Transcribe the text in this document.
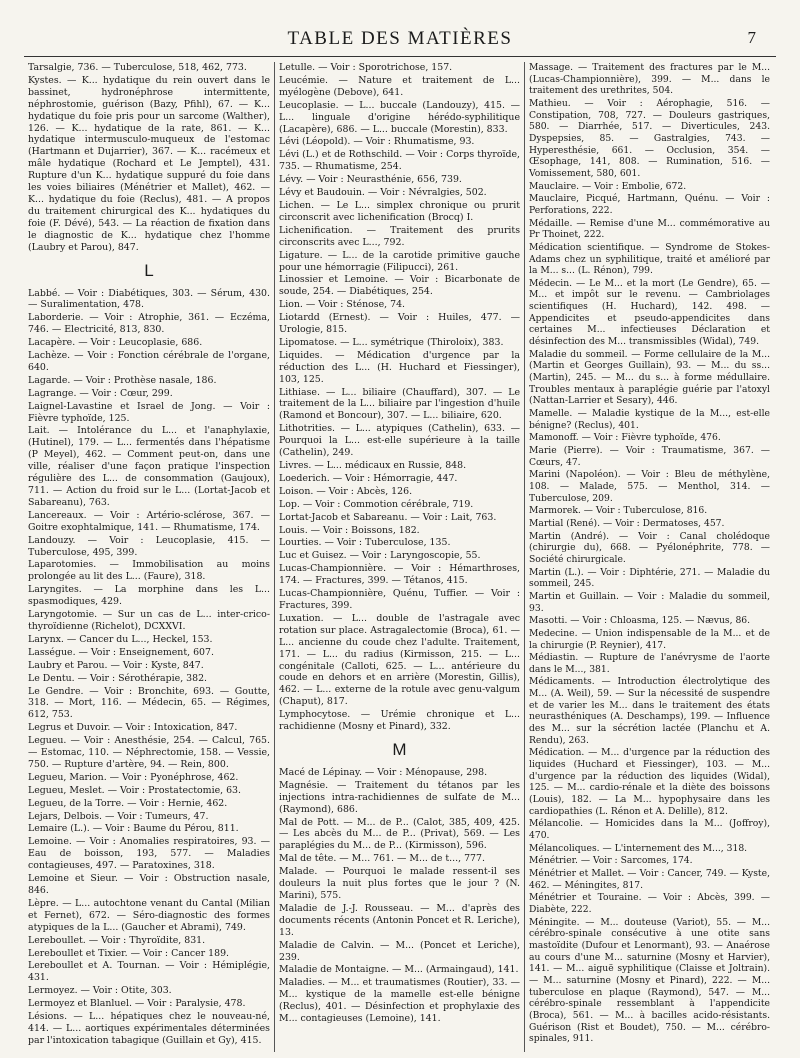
TABLE DES MATIÈRES	7
Tarsalgie, 736. — Tuberculose, 518, 462, 773.
Kystes. — K... hydatique du rein ouvert dans le bassinet, hydronéphrose intermittente, néphrostomie, guérison (Bazy, Pfihl), 67. — K... hydatique du foie pris pour un sarcome (Walther), 126. — K... hydatique de la rate, 861. — K... hydatique intermusculo-muqueux de l'estomac (Hartmann et Dujarrier), 367. — K... racémeux et mâle hydatique (Rochard et Le Jemptel), 431. Rupture d'un K... hydatique suppuré du foie dans les voies biliaires (Ménétrier et Mallet), 462. — K... hydatique du foie (Reclus), 481. — A propos du traitement chirurgical des K... hydatiques du foie (F. Dévé), 543. — La réaction de fixation dans le diagnostic de K... hydatique chez l'homme (Laubry et Parou), 847.
L
Labbé. — Voir : Diabétiques, 303. — Sérum, 430. — Suralimentation, 478.
Laborderie. — Voir : Atrophie, 361. — Eczéma, 746. — Electricité, 813, 830.
Lacapère. — Voir : Leucoplasie, 686.
Lachèze. — Voir : Fonction cérébrale de l'organe, 640.
Lagarde. — Voir : Prothèse nasale, 186.
Lagrange. — Voir : Cœur, 299.
Laignel-Lavastine et Israel de Jong. — Voir : Fièvre typhoïde, 125.
Lait. — Intolérance du L... et l'anaphylaxie, (Hutinel), 179. — L... fermentés dans l'hépatisme (P Meyel), 462. — Comment peut-on, dans une ville, réaliser d'une façon pratique l'inspection régulière des L... de consommation (Gaujoux), 711. — Action du froid sur le L... (Lortat-Jacob et Sabareanu), 763.
Lancereaux. — Voir : Artério-sclérose, 367. — Goitre exophtalmique, 141. — Rhumatisme, 174.
Landouzy. — Voir : Leucoplasie, 415. — Tuberculose, 495, 399.
Laparotomies. — Immobilisation au moins prolongée au lit des L... (Faure), 318.
Laryngites. — La morphine dans les L... spasmodiques, 429.
Laryngotomie. — Sur un cas de L... inter-crico-thyroïdienne (Richelot), DCXXVI.
Larynx. — Cancer du L..., Heckel, 153.
Lasségue. — Voir : Enseignement, 607.
Laubry et Parou. — Voir : Kyste, 847.
Le Dentu. — Voir : Sérothérapie, 382.
Le Gendre. — Voir : Bronchite, 693. — Goutte, 318. — Mort, 116. — Médecin, 65. — Régimes, 612, 753.
Legrus et Duvoir. — Voir : Intoxication, 847.
Legueu. — Voir : Anesthésie, 254. — Calcul, 765. — Estomac, 110. — Néphrectomie, 158. — Vessie, 750. — Rupture d'artère, 94. — Rein, 800.
Legueu, Marion. — Voir : Pyonéphrose, 462.
Legueu, Meslet. — Voir : Prostatectomie, 63.
Legueu, de la Torre. — Voir : Hernie, 462.
Lejars, Delbois. — Voir : Tumeurs, 47.
Lemaire (L.). — Voir : Baume du Pérou, 811.
Lemoine. — Voir : Anomalies respiratoires, 93. — Eau de boisson, 193, 577. — Maladies contagieuses, 497. — Paratoxines, 318.
Lemoine et Sieur. — Voir : Obstruction nasale, 846.
Lèpre. — L... autochtone venant du Cantal (Milian et Fernet), 672. — Séro-diagnostic des formes atypiques de la L... (Gaucher et Abrami), 749.
Lereboullet. — Voir : Thyroïdite, 831.
Lereboullet et Tixier. — Voir : Cancer 189.
Lereboullet et A. Tournan. — Voir : Hémiplégie, 431.
Lermoyez. — Voir : Otite, 303.
Lermoyez et Blanluel. — Voir : Paralysie, 478.
Lésions. — L... hépatiques chez le nouveau-né, 414. — L... aortiques expérimentales déterminées par l'intoxication tabagique (Guillain et Gy), 415.
Letulle. — Voir : Sporotrichose, 157.
Leucémie. — Nature et traitement de L... myélogène (Debove), 641.
Leucoplasie. — L... buccale (Landouzy), 415. — L... linguale d'origine hérédo-syphilitique (Lacapère), 686. — L... buccale (Morestin), 833.
Lévi (Léopold). — Voir : Rhumatisme, 93.
Lévi (L.) et de Rothschild. — Voir : Corps thyroïde, 735. — Rhumatisme, 254.
Lévy. — Voir : Neurasthénie, 656, 739.
Lévy et Baudouin. — Voir : Névralgies, 502.
Lichen. — Le L... simplex chronique ou prurit circonscrit avec lichenification (Brocq) I.
Lichenification. — Traitement des prurits circonscrits avec L..., 792.
Ligature. — L... de la carotide primitive gauche pour une hémorragie (Filipucci), 261.
Linossier et Lemoine. — Voir : Bicarbonate de soude, 254. — Diabétiques, 254.
Lion. — Voir : Sténose, 74.
Liotardd (Ernest). — Voir : Huiles, 477. — Urologie, 815.
Lipomatose. — L... symétrique (Thiroloix), 383.
Liquides. — Médication d'urgence par la réduction des L... (H. Huchard et Fiessinger), 103, 125.
Lithiase. — L... biliaire (Chauffard), 307. — Le traitement de la L... biliaire par l'ingestion d'huile (Ramond et Boncour), 307. — L... biliaire, 620.
Lithotrities. — L... atypiques (Cathelin), 633. — Pourquoi la L... est-elle supérieure à la taille (Cathelin), 249.
Livres. — L... médicaux en Russie, 848.
Loederich. — Voir : Hémorragie, 447.
Loison. — Voir : Abcès, 126.
Lop. — Voir : Commotion cérébrale, 719.
Lortat-Jacob et Sabareanu. — Voir : Lait, 763.
Louis. — Voir : Boissons, 182.
Lourties. — Voir : Tuberculose, 135.
Luc et Guisez. — Voir : Laryngoscopie, 55.
Lucas-Championnière. — Voir : Hémarthroses, 174. — Fractures, 399. — Tétanos, 415.
Lucas-Championnière, Quénu, Tuffier. — Voir : Fractures, 399.
Luxation. — L... double de l'astragale avec rotation sur place. Astragalectomie (Broca), 61. — L... ancienne du coude chez l'adulte. Traitement, 171. — L... du radius (Kirmisson, 215. — L... congénitale (Calloti, 625. — L... antérieure du coude en dehors et en arrière (Morestin, Gillis), 462. — L... externe de la rotule avec genu-valgum (Chaput), 817.
Lymphocytose. — Urémie chronique et L... rachidienne (Mosny et Pinard), 332.
M
Macé de Lépinay. — Voir : Ménopause, 298.
Magnésie. — Traitement du tétanos par les injections intra-rachidiennes de sulfate de M... (Raymond), 686.
Mal de Pott. — M... de P... (Calot, 385, 409, 425. — Les abcès du M... de P... (Privat), 569. — Les paraplégies du M... de P... (Kirmisson), 596.
Mal de tête. — M... 761. — M... de t..., 777.
Malade. — Pourquoi le malade ressent-il ses douleurs la nuit plus fortes que le jour ? (N. Marini), 575.
Maladie de J.-J. Rousseau. — M... d'après des documents récents (Antonin Poncet et R. Leriche), 13.
Maladie de Calvin. — M... (Poncet et Leriche), 239.
Maladie de Montaigne. — M... (Armaingaud), 141.
Maladies. — M... et traumatismes (Routier), 33. — M... kystique de la mamelle est-elle bénigne (Reclus), 401. — Désinfection et prophylaxie des M... contagieuses (Lemoine), 141.
Massage. — Traitement des fractures par le M... (Lucas-Championnière), 399. — M... dans le traitement des urethrites, 504.
Mathieu. — Voir : Aérophagie, 516. — Constipation, 708, 727. — Douleurs gastriques, 580. — Diarrhée, 517. — Diverticules, 243. Dyspepsies, 85. — Gastralgies, 743. — Hyperesthésie, 661. — Occlusion, 354. — Œsophage, 141, 808. — Rumination, 516. — Vomissement, 580, 601.
Mauclaire. — Voir : Embolie, 672.
Mauclaire, Picqué, Hartmann, Quénu. — Voir : Perforations, 222.
Médaille. — Remise d'une M... commémorative au Pr Thoinet, 222.
Médication scientifique. — Syndrome de Stokes-Adams chez un syphilitique, traité et amélioré par la M... s... (L. Rénon), 799.
Médecin. — Le M... et la mort (Le Gendre), 65. — M... et impôt sur le revenu. — Cambriolages scientifiques (H. Huchard), 142. 498. — Appendicites et pseudo-appendicites dans certaines M... infectieuses Déclaration et désinfection des M... transmissibles (Widal), 749.
Maladie du sommeil. — Forme cellulaire de la M... (Martin et Georges Guillain), 93. — M... du ss... (Martin), 245. — M... du s... à forme médullaire. Troubles mentaux à paraplégie guérie par l'atoxyl (Nattan-Larrier et Sesary), 446.
Mamelle. — Maladie kystique de la M..., est-elle bénigne? (Reclus), 401.
Mamonoff. — Voir : Fièvre typhoïde, 476.
Marie (Pierre). — Voir : Traumatisme, 367. — Cœurs, 47.
Marini (Napoléon). — Voir : Bleu de méthylène, 108. — Malade, 575. — Menthol, 314. — Tuberculose, 209.
Marmorek. — Voir : Tuberculose, 816.
Martial (René). — Voir : Dermatoses, 457.
Martin (André). — Voir : Canal cholédoque (chirurgie du), 668. — Pyélonéphrite, 778. — Société chirurgicale.
Martin (L.). — Voir : Diphtérie, 271. — Maladie du sommeil, 245.
Martin et Guillain. — Voir : Maladie du sommeil, 93.
Masotti. — Voir : Chloasma, 125. — Nævus, 86.
Medecine. — Union indispensable de la M... et de la chirurgie (P. Reynier), 417.
Médiastin. — Rupture de l'anévrysme de l'aorte dans le M..., 381.
Médicaments. — Introduction électrolytique des M... (A. Weil), 59. — Sur la nécessité de suspendre et de varier les M... dans le traitement des états neurasthéniques (A. Deschamps), 199. — Influence des M... sur la sécrétion lactée (Planchu et A. Rendu), 263.
Médication. — M... d'urgence par la réduction des liquides (Huchard et Fiessinger), 103. — M... d'urgence par la réduction des liquides (Widal), 125. — M... cardio-rénale et la diète des boissons (Louis), 182. — La M... hypophysaire dans les cardiopathies (L. Rénon et A. Delille), 812.
Mélancolie. — Homicides dans la M... (Joffroy), 470.
Mélancoliques. — L'internement des M..., 318.
Ménétrier. — Voir : Sarcomes, 174.
Ménétrier et Mallet. — Voir : Cancer, 749. — Kyste, 462. — Méningites, 817.
Ménétrier et Touraine. — Voir : Abcès, 399. — Diabète, 222.
Méningite. — M... douteuse (Variot), 55. — M... cérébro-spinale consécutive à une otite sans mastoïdite (Dufour et Lenormant), 93. — Anaérose au cours d'une M... saturnine (Mosny et Harvier), 141. — M... aiguë syphilitique (Claisse et Joltrain). — M... saturnine (Mosny et Pinard), 222. — M... tuberculose en plaque (Raymond), 547. — M... cérébro-spinale ressemblant à l'appendicite (Broca), 561. — M... à bacilles acido-résistants. Guérison (Rist et Boudet), 750. — M... cérébro-spinales, 911.
